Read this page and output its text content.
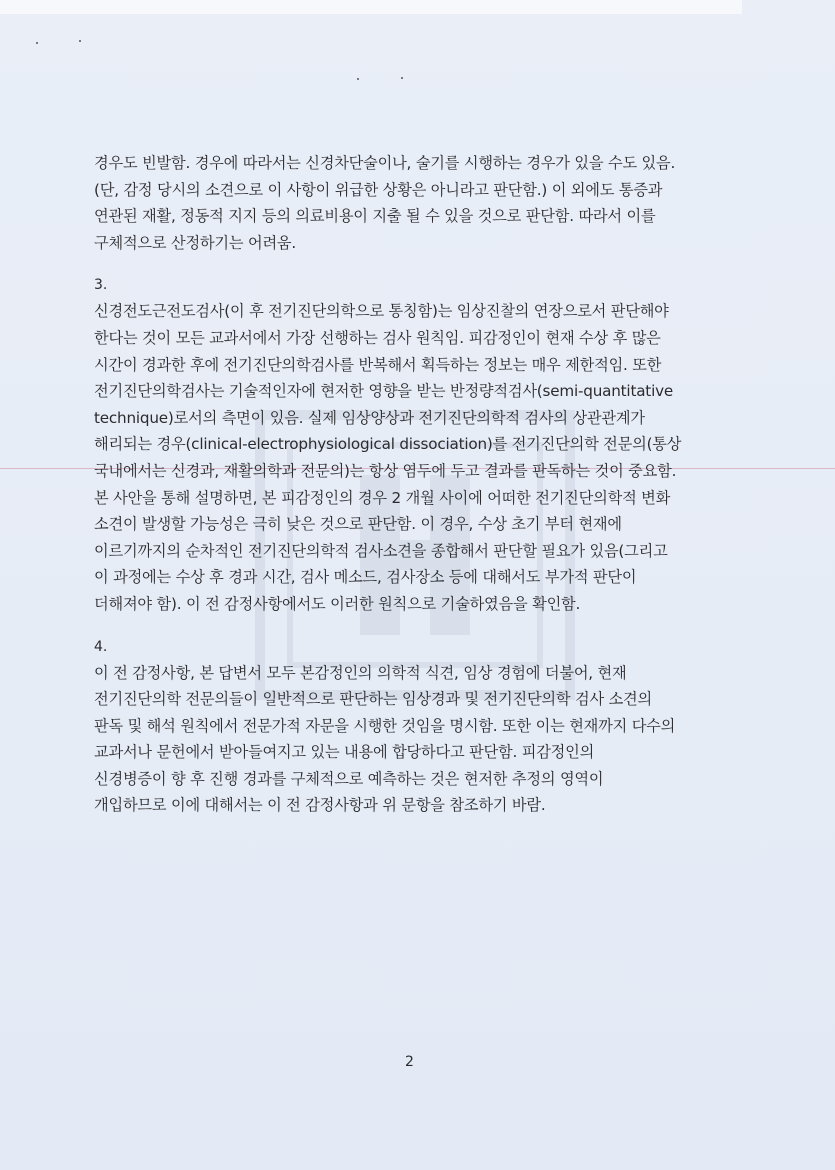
경우도 빈발함. 경우에 따라서는 신경차단술이나, 술기를 시행하는 경우가 있을 수도 있음.
(단, 감정 당시의 소견으로 이 사항이 위급한 상황은 아니라고 판단함.) 이 외에도 통증과
연관된 재활, 정동적 지지 등의 의료비용이 지출 될 수 있을 것으로 판단함. 따라서 이를
구체적으로 산정하기는 어려움.
3.
신경전도근전도검사(이 후 전기진단의학으로 통칭함)는 임상진찰의 연장으로서 판단해야
한다는 것이 모든 교과서에서 가장 선행하는 검사 원칙임. 피감정인이 현재 수상 후 많은
시간이 경과한 후에 전기진단의학검사를 반복해서 획득하는 정보는 매우 제한적임. 또한
전기진단의학검사는 기술적인자에 현저한 영향을 받는 반정량적검사(semi-quantitative
technique)로서의 측면이 있음. 실제 임상양상과 전기진단의학적 검사의 상관관계가
해리되는 경우(clinical-electrophysiological dissociation)를 전기진단의학 전문의(통상
국내에서는 신경과, 재활의학과 전문의)는 항상 염두에 두고 결과를 판독하는 것이 중요함.
본 사안을 통해 설명하면, 본 피감정인의 경우 2 개월 사이에 어떠한 전기진단의학적 변화
소견이 발생할 가능성은 극히 낮은 것으로 판단함. 이 경우, 수상 초기 부터 현재에
이르기까지의 순차적인 전기진단의학적 검사소견을 종합해서 판단할 필요가 있음(그리고
이 과정에는 수상 후 경과 시간, 검사 메소드, 검사장소 등에 대해서도 부가적 판단이
더해져야 함). 이 전 감정사항에서도 이러한 원칙으로 기술하였음을 확인함.
4.
이 전 감정사항, 본 답변서 모두 본감정인의 의학적 식견, 임상 경험에 더불어, 현재
전기진단의학 전문의들이 일반적으로 판단하는 임상경과 및 전기진단의학 검사 소견의
판독 및 해석 원칙에서 전문가적 자문을 시행한 것임을 명시함. 또한 이는 현재까지 다수의
교과서나 문헌에서 받아들여지고 있는 내용에 합당하다고 판단함. 피감정인의
신경병증이 향 후 진행 경과를 구체적으로 예측하는 것은 현저한 추정의 영역이
개입하므로 이에 대해서는 이 전 감정사항과 위 문항을 참조하기 바람.
2
